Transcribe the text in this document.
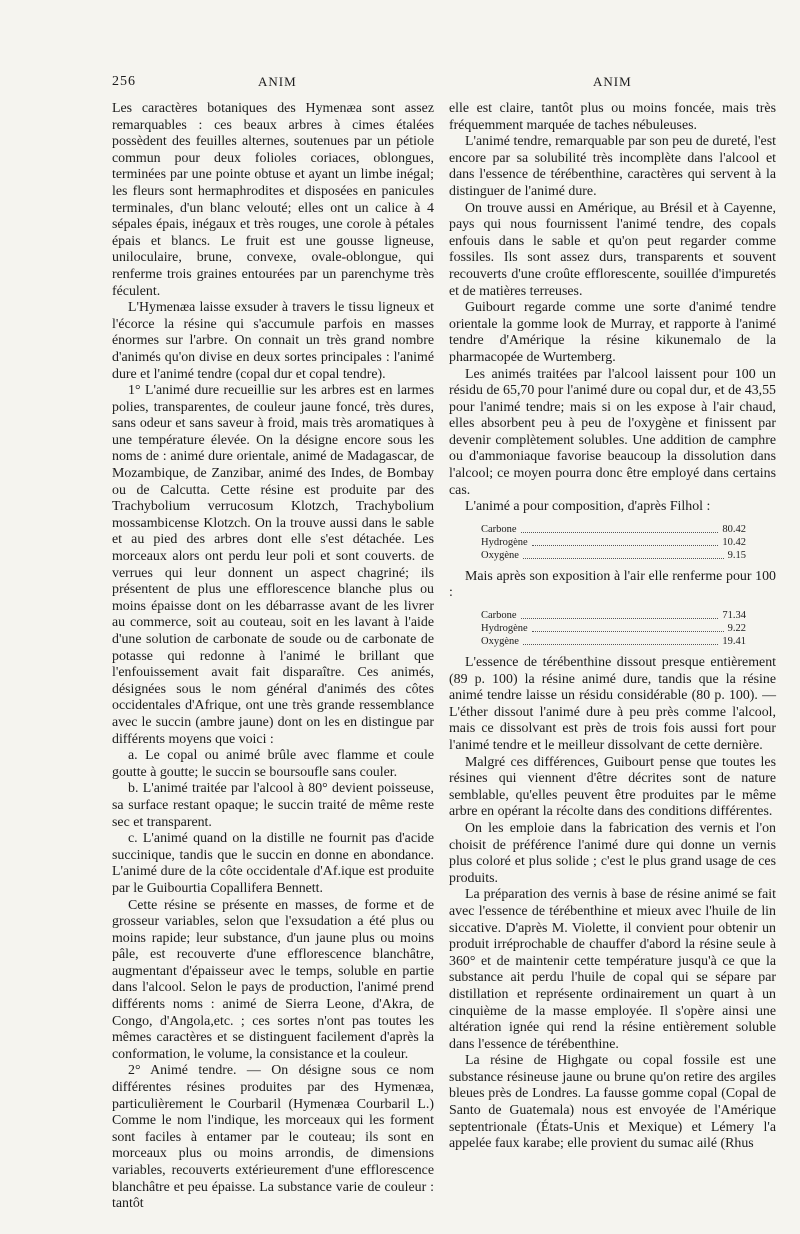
256	ANIM	ANIM

Les caractères botaniques des Hymenæa sont assez remarquables : ces beaux arbres à cimes étalées possèdent des feuilles alternes, soutenues par un pétiole commun pour deux folioles coriaces, oblongues, terminées par une pointe obtuse et ayant un limbe inégal; les fleurs sont hermaphrodites et disposées en panicules terminales, d'un blanc velouté; elles ont un calice à 4 sépales épais, inégaux et très rouges, une corole à pétales épais et blancs. Le fruit est une gousse ligneuse, uniloculaire, brune, convexe, ovale-oblongue, qui renferme trois graines entourées par un parenchyme très féculent.

L'Hymenæa laisse exsuder à travers le tissu ligneux et l'écorce la résine qui s'accumule parfois en masses énormes sur l'arbre. On connait un très grand nombre d'animés qu'on divise en deux sortes principales : l'animé dure et l'animé tendre (copal dur et copal tendre).

1° L'animé dure recueillie sur les arbres est en larmes polies, transparentes, de couleur jaune foncé, très dures, sans odeur et sans saveur à froid, mais très aromatiques à une température élevée. On la désigne encore sous les noms de : animé dure orientale, animé de Madagascar, de Mozambique, de Zanzibar, animé des Indes, de Bombay ou de Calcutta. Cette résine est produite par des Trachybolium verrucosum Klotzch, Trachybolium mossambicense Klotzch. On la trouve aussi dans le sable et au pied des arbres dont elle s'est détachée. Les morceaux alors ont perdu leur poli et sont couverts. de verrues qui leur donnent un aspect chagriné; ils présentent de plus une efflorescence blanche plus ou moins épaisse dont on les débarrasse avant de les livrer au commerce, soit au couteau, soit en les lavant à l'aide d'une solution de carbonate de soude ou de carbonate de potasse qui redonne à l'animé le brillant que l'enfouissement avait fait disparaître. Ces animés, désignées sous le nom général d'animés des côtes occidentales d'Afrique, ont une très grande ressemblance avec le succin (ambre jaune) dont on les en distingue par différents moyens que voici :

a. Le copal ou animé brûle avec flamme et coule goutte à goutte; le succin se boursoufle sans couler.

b. L'animé traitée par l'alcool à 80° devient poisseuse, sa surface restant opaque; le succin traité de même reste sec et transparent.

c. L'animé quand on la distille ne fournit pas d'acide succinique, tandis que le succin en donne en abondance. L'animé dure de la côte occidentale d'Af.ique est produite par le Guibourtia Copallifera Bennett.

Cette résine se présente en masses, de forme et de grosseur variables, selon que l'exsudation a été plus ou moins rapide; leur substance, d'un jaune plus ou moins pâle, est recouverte d'une efflorescence blanchâtre, augmentant d'épaisseur avec le temps, soluble en partie dans l'alcool. Selon le pays de production, l'animé prend différents noms : animé de Sierra Leone, d'Akra, de Congo, d'Angola,etc. ; ces sortes n'ont pas toutes les mêmes caractères et se distinguent facilement d'après la conformation, le volume, la consistance et la couleur.

2° Animé tendre. — On désigne sous ce nom différentes résines produites par des Hymenæa, particulièrement le Courbaril (Hymenæa Courbaril L.) Comme le nom l'indique, les morceaux qui les forment sont faciles à entamer par le couteau; ils sont en morceaux plus ou moins arrondis, de dimensions variables, recouverts extérieurement d'une efflorescence blanchâtre et peu épaisse. La substance varie de couleur : tantôt

elle est claire, tantôt plus ou moins foncée, mais très fréquemment marquée de taches nébuleuses.

L'animé tendre, remarquable par son peu de dureté, l'est encore par sa solubilité très incomplète dans l'alcool et dans l'essence de térébenthine, caractères qui servent à la distinguer de l'animé dure.

On trouve aussi en Amérique, au Brésil et à Cayenne, pays qui nous fournissent l'animé tendre, des copals enfouis dans le sable et qu'on peut regarder comme fossiles. Ils sont assez durs, transparents et souvent recouverts d'une croûte efflorescente, souillée d'impuretés et de matières terreuses.

Guibourt regarde comme une sorte d'animé tendre orientale la gomme look de Murray, et rapporte à l'animé tendre d'Amérique la résine kikunemalo de la pharmacopée de Wurtemberg.

Les animés traitées par l'alcool laissent pour 100 un résidu de 65,70 pour l'animé dure ou copal dur, et de 43,55 pour l'animé tendre; mais si on les expose à l'air chaud, elles absorbent peu à peu de l'oxygène et finissent par devenir complètement solubles. Une addition de camphre ou d'ammoniaque favorise beaucoup la dissolution dans l'alcool; ce moyen pourra donc être employé dans certains cas.

L'animé a pour composition, d'après Filhol :

Carbone	80.42
Hydrogène	10.42
Oxygène	9.15

Mais après son exposition à l'air elle renferme pour 100 :

Carbone	71.34
Hydrogène	9.22
Oxygène	19.41

L'essence de térébenthine dissout presque entièrement (89 p. 100) la résine animé dure, tandis que la résine animé tendre laisse un résidu considérable (80 p. 100). — L'éther dissout l'animé dure à peu près comme l'alcool, mais ce dissolvant est près de trois fois aussi fort pour l'animé tendre et le meilleur dissolvant de cette dernière.

Malgré ces différences, Guibourt pense que toutes les résines qui viennent d'être décrites sont de nature semblable, qu'elles peuvent être produites par le même arbre en opérant la récolte dans des conditions différentes.

On les emploie dans la fabrication des vernis et l'on choisit de préférence l'animé dure qui donne un vernis plus coloré et plus solide ; c'est le plus grand usage de ces produits.

La préparation des vernis à base de résine animé se fait avec l'essence de térébenthine et mieux avec l'huile de lin siccative. D'après M. Violette, il convient pour obtenir un produit irréprochable de chauffer d'abord la résine seule à 360° et de maintenir cette température jusqu'à ce que la substance ait perdu l'huile de copal qui se sépare par distillation et représente ordinairement un quart à un cinquième de la masse employée. Il s'opère ainsi une altération ignée qui rend la résine entièrement soluble dans l'essence de térébenthine.

La résine de Highgate ou copal fossile est une substance résineuse jaune ou brune qu'on retire des argiles bleues près de Londres. La fausse gomme copal (Copal de Santo de Guatemala) nous est envoyée de l'Amérique septentrionale (États-Unis et Mexique) et Lémery l'a appelée faux karabe; elle provient du sumac ailé (Rhus
